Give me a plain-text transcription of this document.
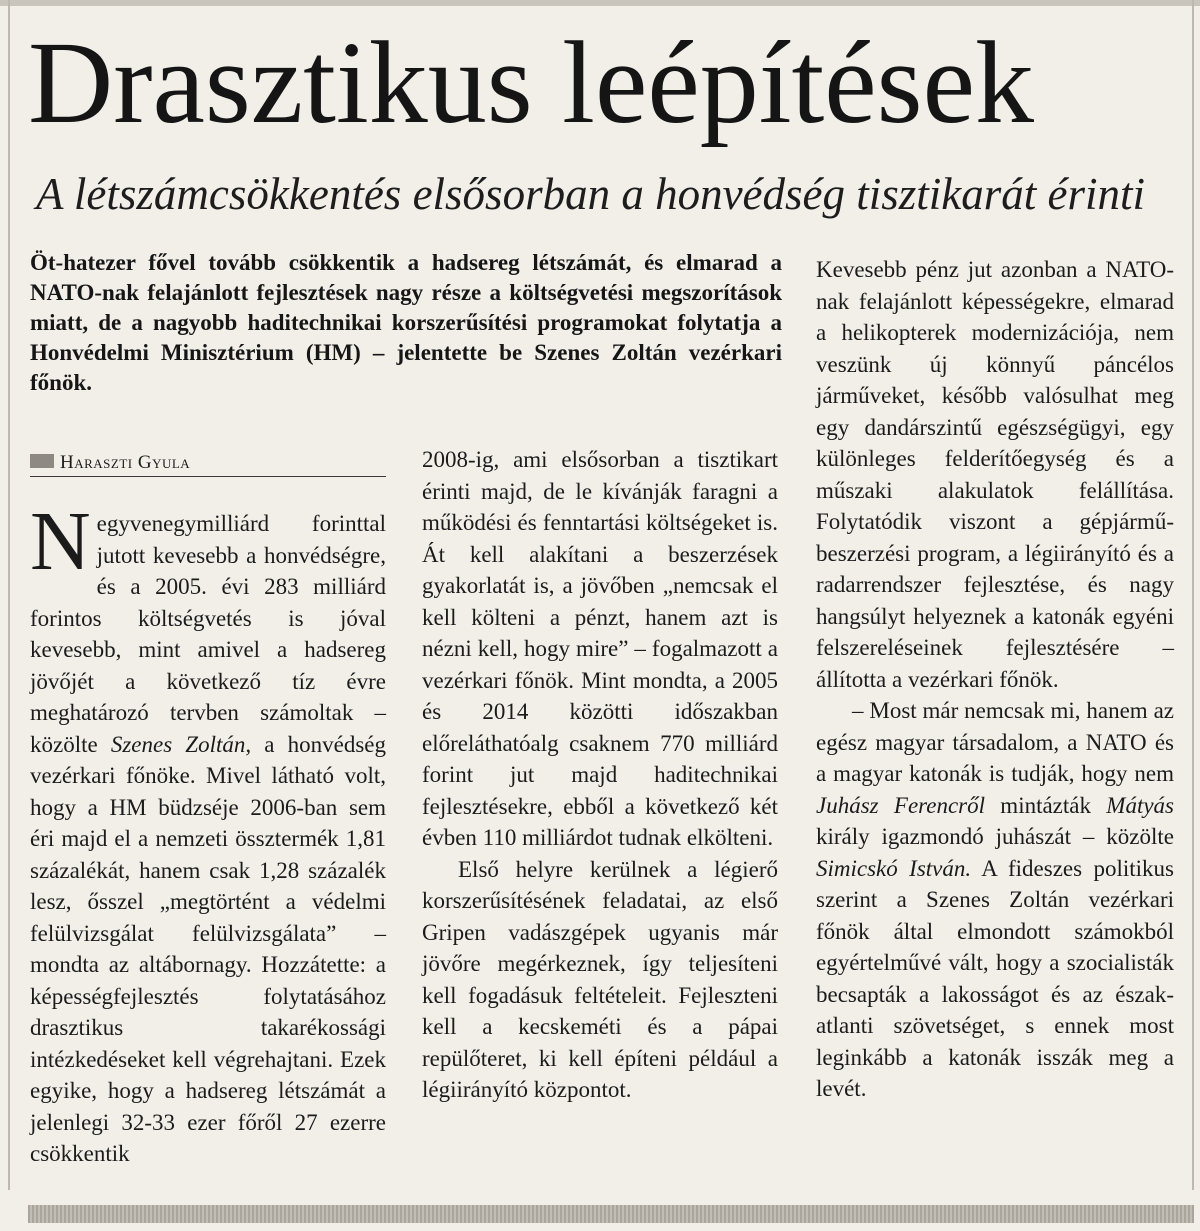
Drasztikus leépítések
A létszámcsökkentés elsősorban a honvédség tisztikarát érinti

Öt-hatezer fővel tovább csökkentik a hadsereg létszámát, és elmarad a NATO-nak felajánlott fejlesztések nagy része a költségvetési megszorítások miatt, de a nagyobb haditechnikai korszerűsítési programokat folytatja a Honvédelmi Minisztérium (HM) – jelentette be Szenes Zoltán vezérkari főnök.

Haraszti Gyula

Negyvenegymilliárd forinttal jutott kevesebb a honvédségre, és a 2005. évi 283 milliárd forintos költségvetés is jóval kevesebb, mint amivel a hadsereg jövőjét a következő tíz évre meghatározó tervben számoltak – közölte Szenes Zoltán, a honvédség vezérkari főnöke. Mivel látható volt, hogy a HM büdzséje 2006-ban sem éri majd el a nemzeti össztermék 1,81 százalékát, hanem csak 1,28 százalék lesz, ősszel „megtörtént a védelmi felülvizsgálat felülvizsgálata” – mondta az altábornagy. Hozzátette: a képességfejlesztés folytatásához drasztikus takarékossági intézkedéseket kell végrehajtani. Ezek egyike, hogy a hadsereg létszámát a jelenlegi 32-33 ezer főről 27 ezerre csökkentik

2008-ig, ami elsősorban a tisztikart érinti majd, de le kívánják faragni a működési és fenntartási költségeket is. Át kell alakítani a beszerzések gyakorlatát is, a jövőben „nemcsak el kell költeni a pénzt, hanem azt is nézni kell, hogy mire” – fogalmazott a vezérkari főnök. Mint mondta, a 2005 és 2014 közötti időszakban előreláthatóalg csaknem 770 milliárd forint jut majd haditechnikai fejlesztésekre, ebből a következő két évben 110 milliárdot tudnak elkölteni.

Első helyre kerülnek a légierő korszerűsítésének feladatai, az első Gripen vadászgépek ugyanis már jövőre megérkeznek, így teljesíteni kell fogadásuk feltételeit. Fejleszteni kell a kecskeméti és a pápai repülőteret, ki kell építeni például a légiirányító központot.

Kevesebb pénz jut azonban a NATO-nak felajánlott képességekre, elmarad a helikopterek modernizációja, nem veszünk új könnyű páncélos járműveket, később valósulhat meg egy dandárszintű egészségügyi, egy különleges felderítőegység és a műszaki alakulatok felállítása. Folytatódik viszont a gépjármű-beszerzési program, a légiirányító és a radarrendszer fejlesztése, és nagy hangsúlyt helyeznek a katonák egyéni felszereléseinek fejlesztésére – állította a vezérkari főnök.

– Most már nemcsak mi, hanem az egész magyar társadalom, a NATO és a magyar katonák is tudják, hogy nem Juhász Ferencről mintázták Mátyás király igazmondó juhászát – közölte Simicskó István. A fideszes politikus szerint a Szenes Zoltán vezérkari főnök által elmondott számokból egyértelművé vált, hogy a szocialisták becsapták a lakosságot és az észak-atlanti szövetséget, s ennek most leginkább a katonák isszák meg a levét.
